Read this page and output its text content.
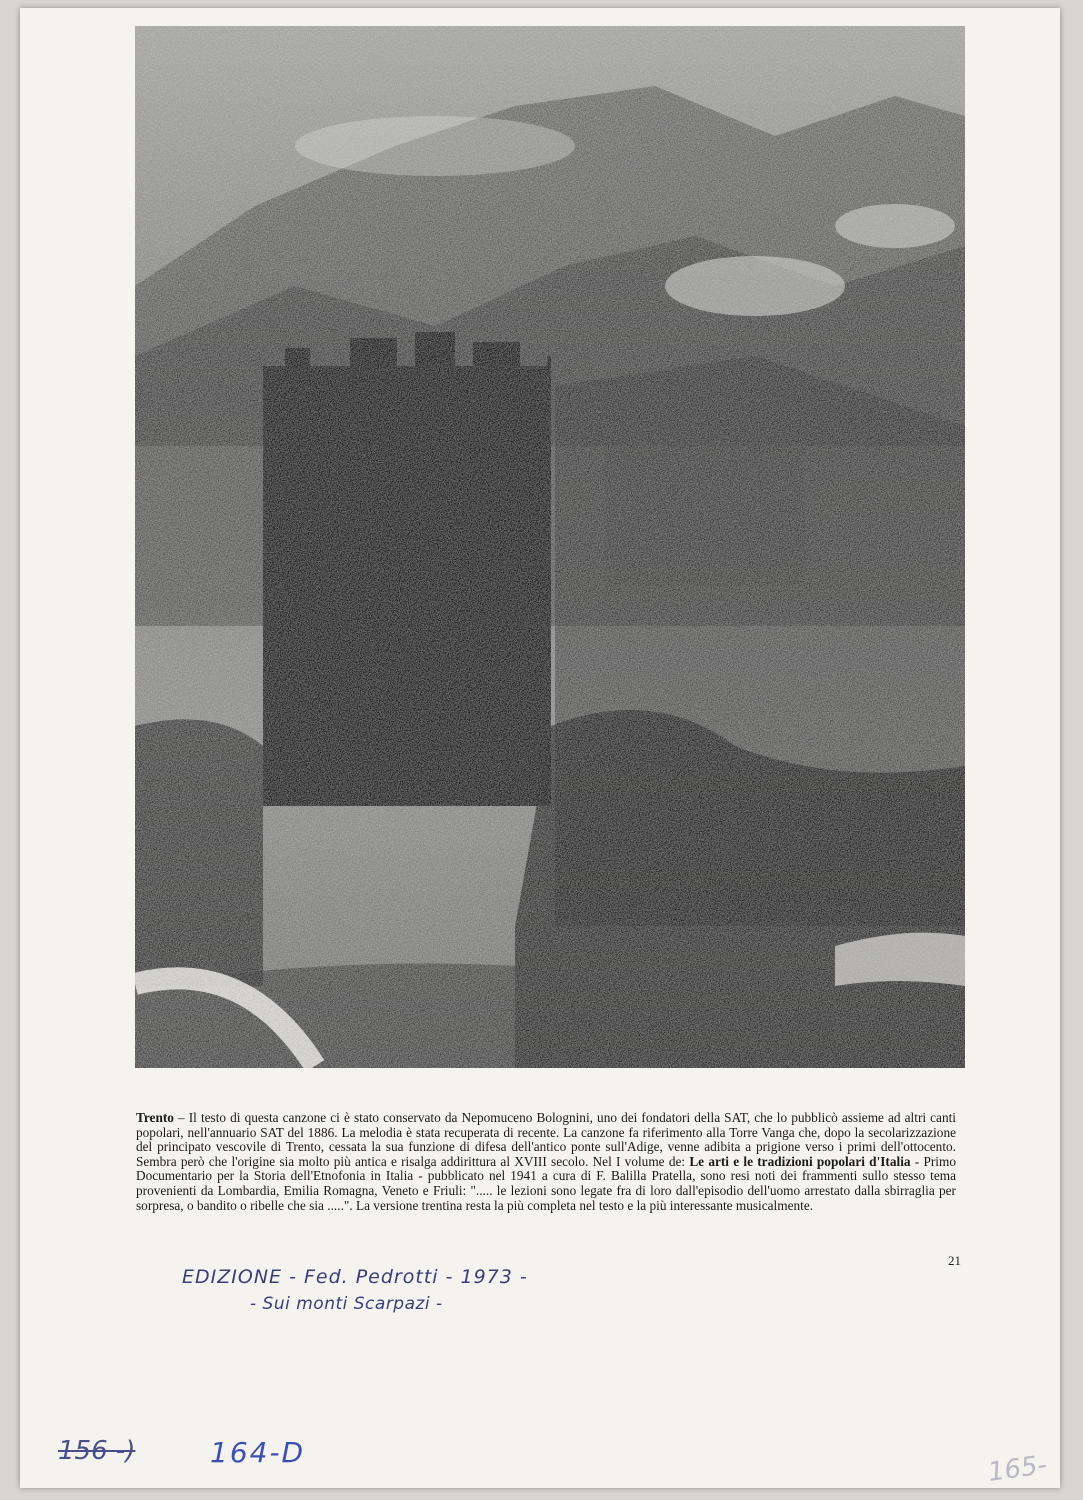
Trento – Il testo di questa canzone ci è stato conservato da Nepomuceno Bolognini, uno dei fondatori della SAT, che lo pubblicò assieme ad altri canti popolari, nell'annuario SAT del 1886. La melodia è stata recuperata di recente. La canzone fa riferimento alla Torre Vanga che, dopo la secolarizzazione del principato vescovile di Trento, cessata la sua funzione di difesa dell'antico ponte sull'Adige, venne adibita a prigione verso i primi dell'ottocento. Sembra però che l'origine sia molto più antica e risalga addirittura al XVIII secolo. Nel I volume de: Le arti e le tradizioni popolari d'Italia - Primo Documentario per la Storia dell'Etnofonia in Italia - pubblicato nel 1941 a cura di F. Balilla Pratella, sono resi noti dei frammenti sullo stesso tema provenienti da Lombardia, Emilia Romagna, Veneto e Friuli: "..... le lezioni sono legate fra di loro dall'episodio dell'uomo arrestato dalla sbirraglia per sorpresa, o bandito o ribelle che sia .....". La versione trentina resta la più completa nel testo e la più interessante musicalmente.
21
EDIZIONE - Fed. Pedrotti - 1973 -
- Sui monti Scarpazi -
156 -)	164-D	165-
